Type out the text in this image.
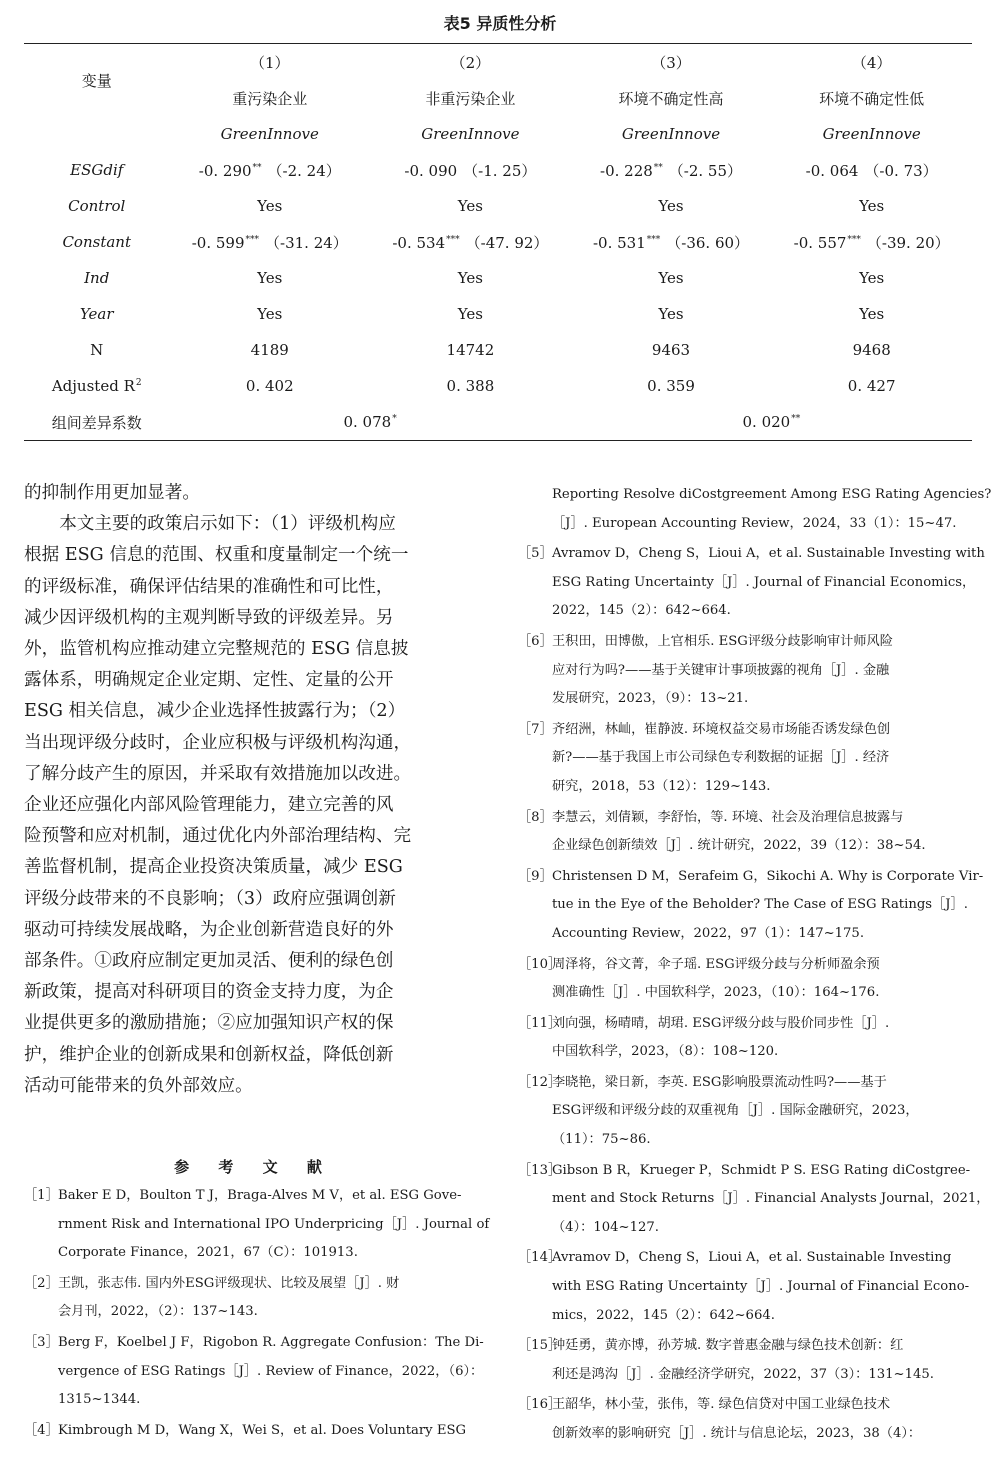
表5 异质性分析
变量	（1）	（2）	（3）	（4）
	重污染企业	非重污染企业	环境不确定性高	环境不确定性低
	GreenInnove	GreenInnove	GreenInnove	GreenInnove
ESGdif	-0. 290** （-2. 24）	-0. 090 （-1. 25）	-0. 228** （-2. 55）	-0. 064 （-0. 73）
Control	Yes	Yes	Yes	Yes
Constant	-0. 599*** （-31. 24）	-0. 534*** （-47. 92）	-0. 531*** （-36. 60）	-0. 557*** （-39. 20）
Ind	Yes	Yes	Yes	Yes
Year	Yes	Yes	Yes	Yes
N	4189	14742	9463	9468
Adjusted $R^2$	0. 402	0. 388	0. 359	0. 427
组间差异系数	0. 078*		0. 020**

的抑制作用更加显著。

本文主要的政策启示如下：（1）评级机构应
根据 ESG 信息的范围、权重和度量制定一个统一
的评级标准，确保评估结果的准确性和可比性，
减少因评级机构的主观判断导致的评级差异。另
外，监管机构应推动建立完整规范的 ESG 信息披
露体系，明确规定企业定期、定性、定量的公开
ESG 相关信息，减少企业选择性披露行为；（2）
当出现评级分歧时，企业应积极与评级机构沟通，
了解分歧产生的原因，并采取有效措施加以改进。
企业还应强化内部风险管理能力，建立完善的风
险预警和应对机制，通过优化内外部治理结构、完
善监督机制，提高企业投资决策质量，减少 ESG
评级分歧带来的不良影响；（3）政府应强调创新
驱动可持续发展战略，为企业创新营造良好的外
部条件。①政府应制定更加灵活、便利的绿色创
新政策，提高对科研项目的资金支持力度，为企
业提供更多的激励措施；②应加强知识产权的保
护，维护企业的创新成果和创新权益，降低创新
活动可能带来的负外部效应。

参 考 文 献
［1］Baker E D，Boulton T J，Braga-Alves M V，et al. ESG Gove-
rnment Risk and International IPO Underpricing［J］. Journal of
Corporate Finance，2021，67（C）：101913.
［2］王凯，张志伟. 国内外ESG评级现状、比较及展望［J］. 财
会月刊，2022，（2）：137~143.
［3］Berg F，Koelbel J F，Rigobon R. Aggregate Confusion：The Di-
vergence of ESG Ratings［J］. Review of Finance，2022，（6）：
1315~1344.
［4］Kimbrough M D，Wang X，Wei S，et al. Does Voluntary ESG
Reporting Resolve diCostgreement Among ESG Rating Agencies?
［J］. European Accounting Review，2024，33（1）：15~47.
［5］Avramov D，Cheng S，Lioui A，et al. Sustainable Investing with
ESG Rating Uncertainty［J］. Journal of Financial Economics，
2022，145（2）：642~664.
［6］王积田，田博傲，上官相乐. ESG评级分歧影响审计师风险
应对行为吗?——基于关键审计事项披露的视角［J］. 金融
发展研究，2023，（9）：13~21.
［7］齐绍洲，林屾，崔静波. 环境权益交易市场能否诱发绿色创
新?——基于我国上市公司绿色专利数据的证据［J］. 经济
研究，2018，53（12）：129~143.
［8］李慧云，刘倩颖，李舒怡，等. 环境、社会及治理信息披露与
企业绿色创新绩效［J］. 统计研究，2022，39（12）：38~54.
［9］Christensen D M，Serafeim G，Sikochi A. Why is Corporate Vir-
tue in the Eye of the Beholder? The Case of ESG Ratings［J］.
Accounting Review，2022，97（1）：147~175.
［10］周泽将，谷文菁，伞子瑶. ESG评级分歧与分析师盈余预
测准确性［J］. 中国软科学，2023，（10）：164~176.
［11］刘向强，杨晴晴，胡珺. ESG评级分歧与股价同步性［J］.
中国软科学，2023，（8）：108~120.
［12］李晓艳，梁日新，李英. ESG影响股票流动性吗?——基于
ESG评级和评级分歧的双重视角［J］. 国际金融研究，2023，
（11）：75~86.
［13］Gibson B R，Krueger P，Schmidt P S. ESG Rating diCostgree-
ment and Stock Returns［J］. Financial Analysts Journal，2021，
（4）：104~127.
［14］Avramov D，Cheng S，Lioui A，et al. Sustainable Investing
with ESG Rating Uncertainty［J］. Journal of Financial Econo-
mics，2022，145（2）：642~664.
［15］钟廷勇，黄亦博，孙芳城. 数字普惠金融与绿色技术创新：红
利还是鸿沟［J］. 金融经济学研究，2022，37（3）：131~145.
［16］王韶华，林小莹，张伟，等. 绿色信贷对中国工业绿色技术
创新效率的影响研究［J］. 统计与信息论坛，2023，38（4）：
